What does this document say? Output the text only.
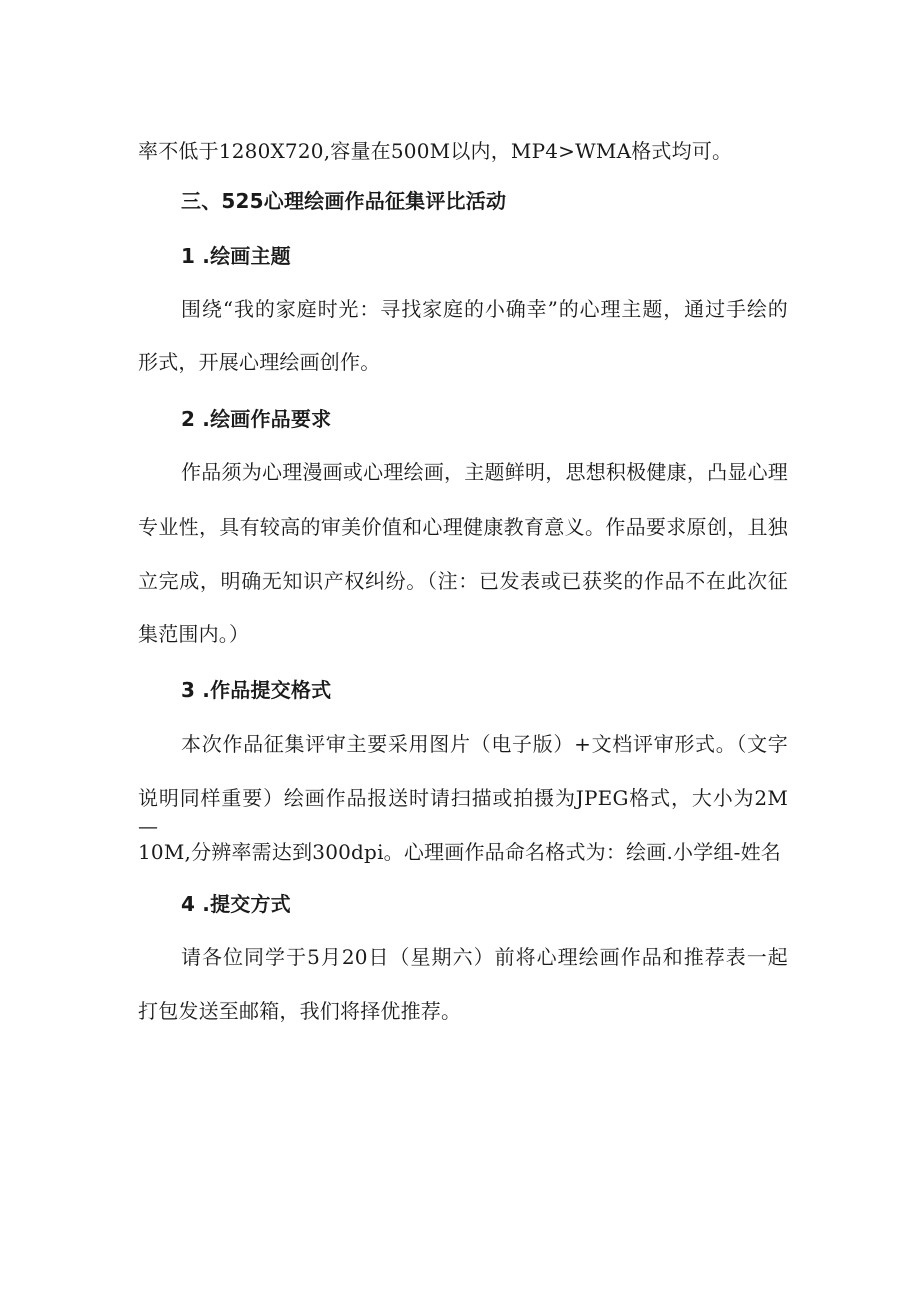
率不低于1280X720,容量在500M以内，MP4>WMA格式均可。
三、525心理绘画作品征集评比活动
1 .绘画主题
围绕“我的家庭时光：寻找家庭的小确幸”的心理主题，通过手绘的
形式，开展心理绘画创作。
2 .绘画作品要求
作品须为心理漫画或心理绘画，主题鲜明，思想积极健康，凸显心理
专业性，具有较高的审美价值和心理健康教育意义。作品要求原创，且独
立完成，明确无知识产权纠纷。（注：已发表或已获奖的作品不在此次征
集范围内。）
3 .作品提交格式
本次作品征集评审主要采用图片（电子版）+文档评审形式。（文字
说明同样重要）绘画作品报送时请扫描或拍摄为JPEG格式，大小为2M—
10M,分辨率需达到300dpi。心理画作品命名格式为：绘画.小学组-姓名
4 .提交方式
请各位同学于5月20日（星期六）前将心理绘画作品和推荐表一起
打包发送至邮箱，我们将择优推荐。
